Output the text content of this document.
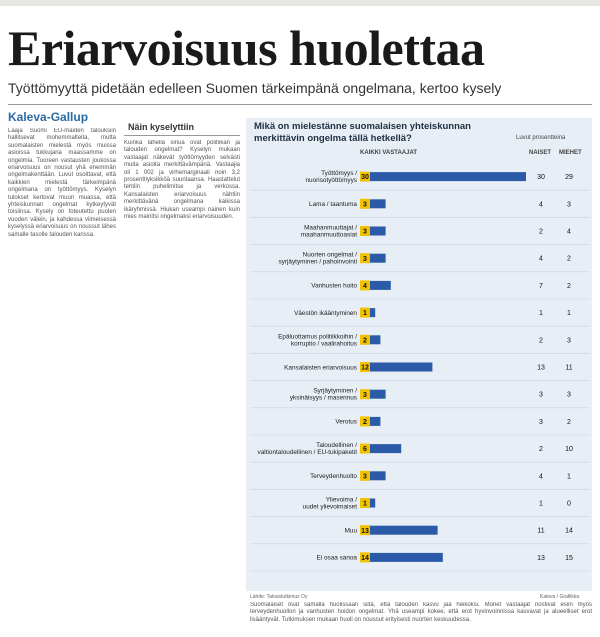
Eriarvoisuus huolettaa
Työttömyyttä pidetään edelleen Suomen tärkeimpänä ongelmana, kertoo kysely
Kaleva-Gallup

Laaja Suomi EU-maiden talouksiin hallitsevat mohemmalteita, mutta suomalaisten mielestä myös muissa asioissa tukkujana maassamme on ongelmia. Tuoreen vastausten joukossa eriarvoisuus on nousut yhä enemmän ongelmakenttään. Luvut osoittavat, että kaikkien mielestä tärkeimpänä ongelmana on työttömyys. Kyselyn tulokset kertovat muun muassa, että yhteiskunnan ongelmat kytkeytyvät toisiinsa. Kysely on toteutettu puolen vuoden välein, ja kahdessa viimeisessä kyselyssä eriarvoisuus on noussut lähes samalle tasolle talouden kanssa.

Näin kyselyttiin

Kuinka lähellä sinua ovat politiikan ja talouden ongelmat? Kyselyn mukaan vastaajat näkevät työttömyyden selvästi muita asioita merkittävämpänä. Vastaajia oli 1 002 ja virhemarginaali noin 3,2 prosenttiyksikköä suuntaansa. Haastattelut tehtiin puhelimitse ja verkossa. Kansalaisten eriarvoisuus nähtiin merkittävänä ongelmana kaikissa ikäryhmissä. Hiukan useampi nainen kuin mies mainitsi ongelmaksi eriarvoisuuden.

Mikä on mielestänne suomalaisen yhteiskunnan merkittävin ongelma tällä hetkellä?	Luvut prosentteina
KAIKKI VASTAAJAT	NAISET MIEHET
Työttömyys / nuorisotyöttömyys 30	30	29
Lama / taantuma 3	4	3
Maahanmuuttajat / maahanmuuttoasiat 3	2	4
Nuorten ongelmat / syrjäytyminen / pahoinvointi 3	4	2
Vanhusten hoito 4	7	2
Väestön ikääntyminen 1	1	1
Epäluottamus politiikkoihin / korruptio / vaalirahoitus 2	2	3
Kansalaisten eriarvoisuus 12	13	11
Syrjäytyminen / yksinäisyys / masennus 3	3	3
Verotus 2	3	2
Taloudellinen / valtiontaloudellinen / EU-tukipaketit 6	2	10
Terveydenhuolto 3	4	1
Ylievoima / uudet ylievoimaiset 1	1	0
Muu 13	11	14
Ei osaa sanoa 14	13	15
Lähde: Taloustutkimus Oy	Kaleva / Grafiikka

Suomalaiset ovat samalla huolissaan siitä, että talouden kasvu jää heikoksi. Monet vastaajat nostivat esiin myös terveydenhuollon ja vanhusten hoidon ongelmat. Yhä useampi kokee, että erot hyvinvoinnissa kasvavat ja alueelliset erot lisääntyvät. Tutkimuksen mukaan huoli on noussut erityisesti nuorten keskuudessa.
